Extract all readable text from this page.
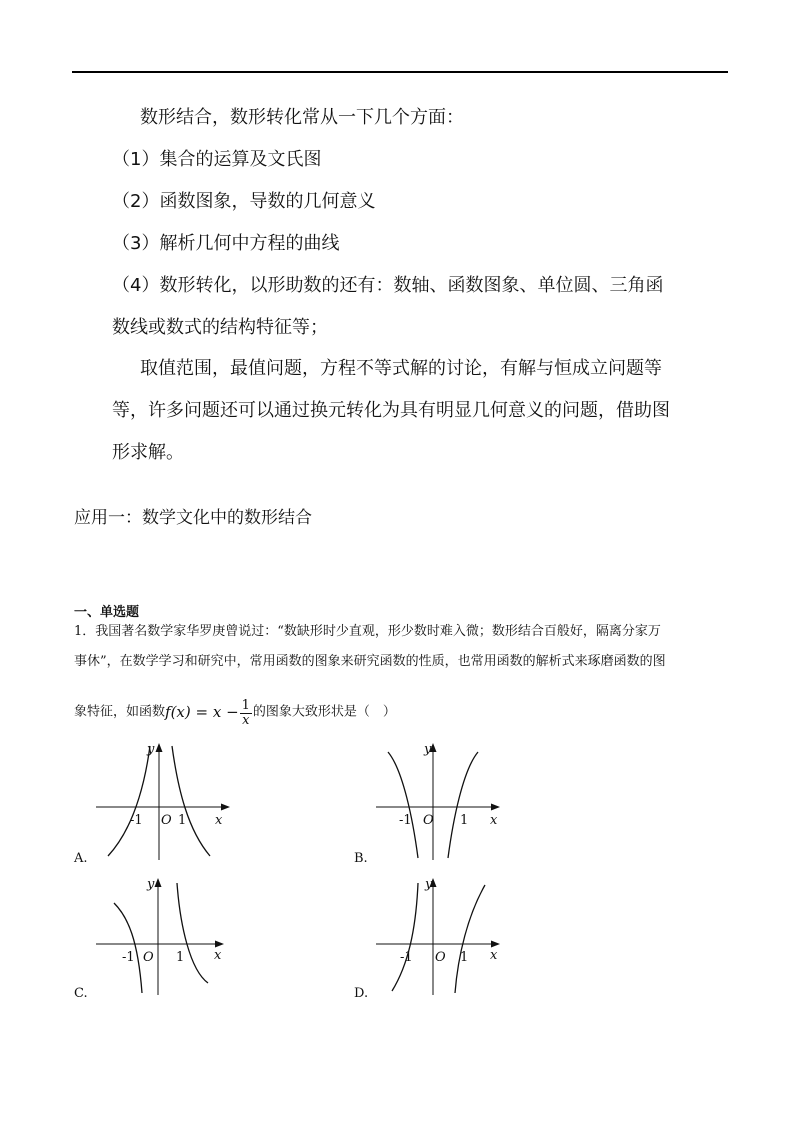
数形结合，数形转化常从一下几个方面：
（1）集合的运算及文氏图
（2）函数图象，导数的几何意义
（3）解析几何中方程的曲线
（4）数形转化，以形助数的还有：数轴、函数图象、单位圆、三角函
数线或数式的结构特征等；
取值范围，最值问题，方程不等式解的讨论，有解与恒成立问题等
等，许多问题还可以通过换元转化为具有明显几何意义的问题，借助图
形求解。
应用一：数学文化中的数形结合
一、单选题
1．我国著名数学家华罗庚曾说过：“数缺形时少直观，形少数时难入微；数形结合百般好，隔离分家万
事休”，在数学学习和研究中，常用函数的图象来研究函数的性质，也常用函数的解析式来琢磨函数的图
象特征，如函数$f(x) = x - \frac{1}{x}$ 的图象大致形状是（　）
-1 O 1 x
y
A.
-1 O 1 x
y
B.
-1 O 1 x
y
C.
-1 O 1 x
y
D.
